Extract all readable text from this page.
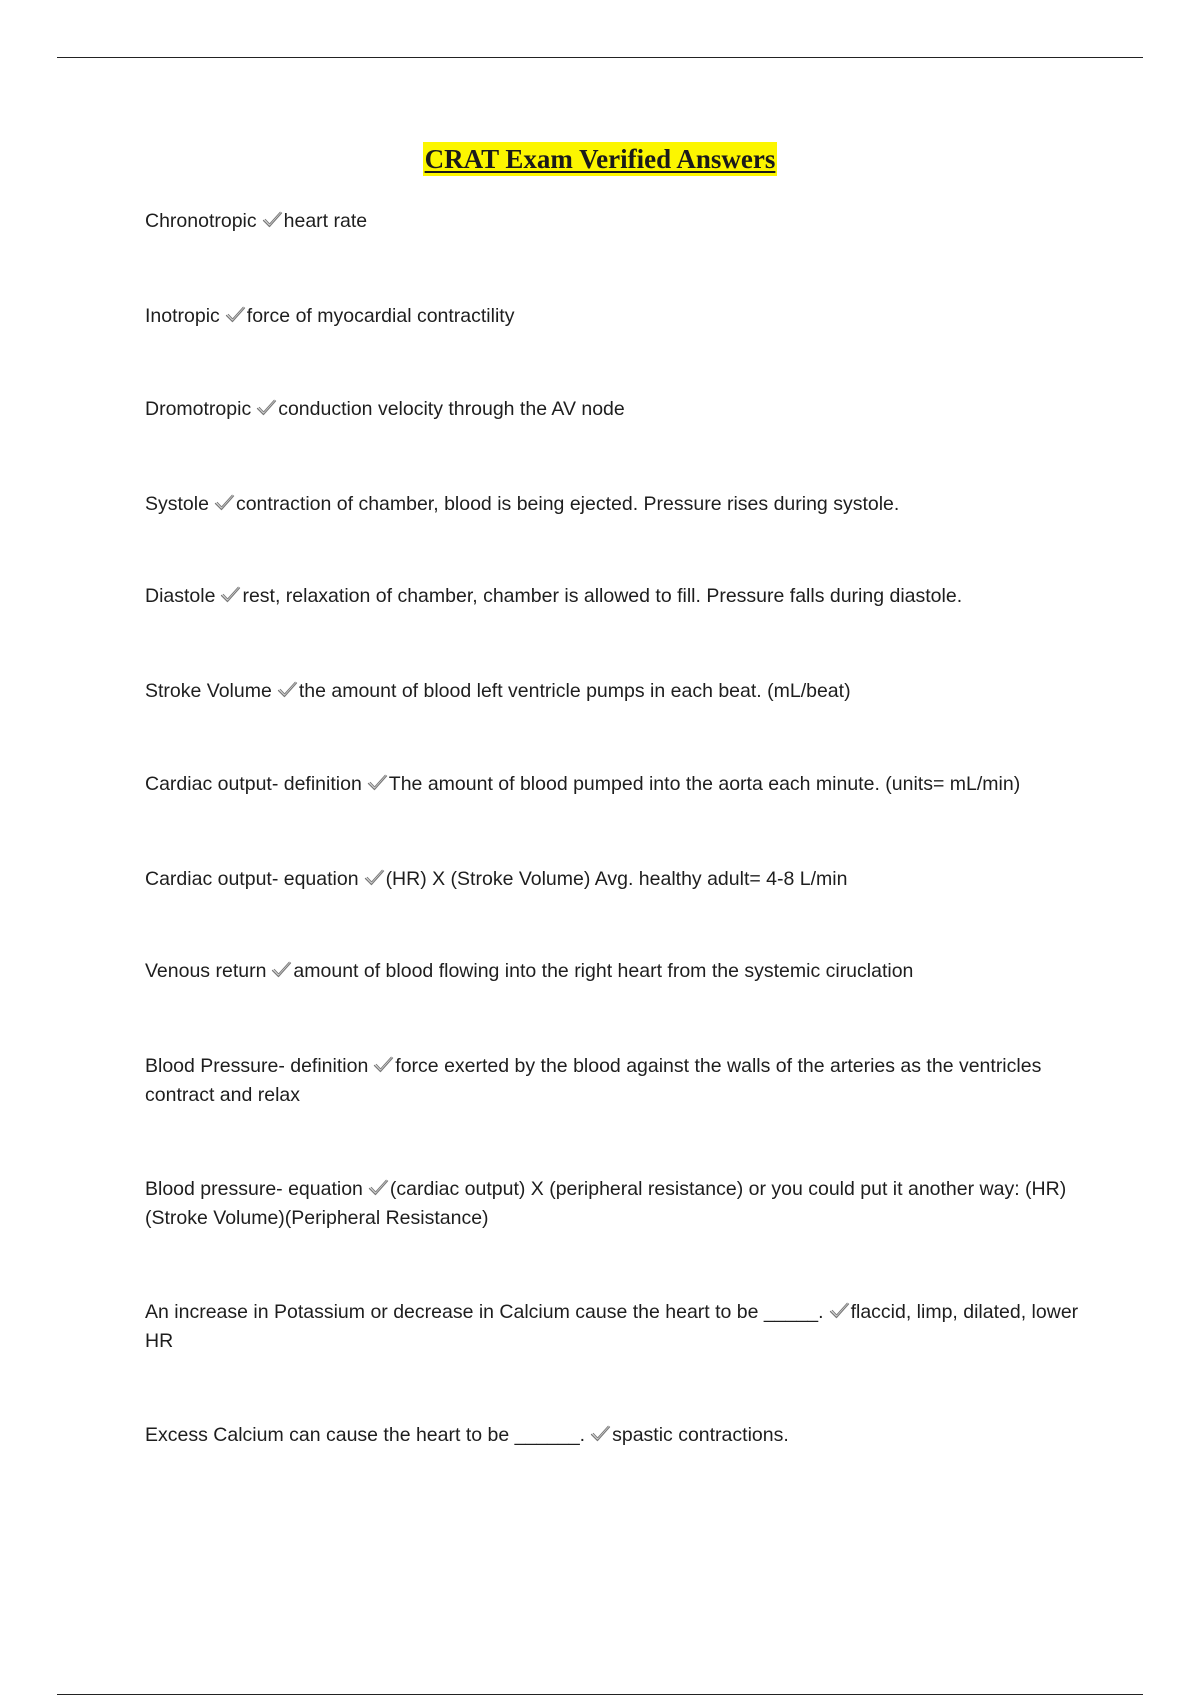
CRAT Exam Verified Answers
Chronotropic heart rate
Inotropic force of myocardial contractility
Dromotropic conduction velocity through the AV node
Systole contraction of chamber, blood is being ejected. Pressure rises during systole.
Diastole rest, relaxation of chamber, chamber is allowed to fill. Pressure falls during diastole.
Stroke Volume the amount of blood left ventricle pumps in each beat. (mL/beat)
Cardiac output- definition The amount of blood pumped into the aorta each minute. (units= mL/min)
Cardiac output- equation (HR) X (Stroke Volume) Avg. healthy adult= 4-8 L/min
Venous return amount of blood flowing into the right heart from the systemic ciruclation
Blood Pressure- definition force exerted by the blood against the walls of the arteries as the ventricles contract and relax
Blood pressure- equation (cardiac output) X (peripheral resistance) or you could put it another way: (HR)(Stroke Volume)(Peripheral Resistance)
An increase in Potassium or decrease in Calcium cause the heart to be _____. flaccid, limp, dilated, lower HR
Excess Calcium can cause the heart to be ______. spastic contractions.
